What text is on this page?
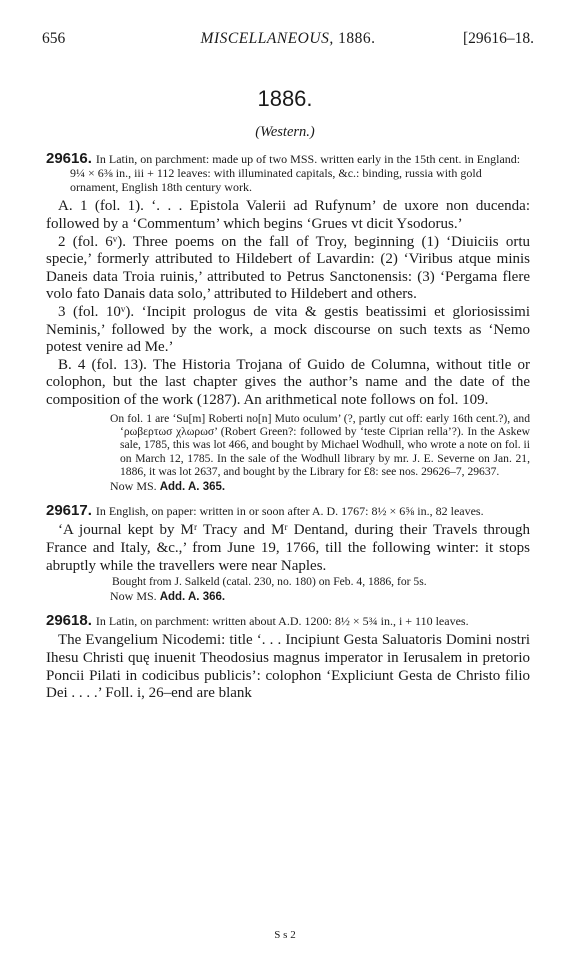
656	MISCELLANEOUS, 1886.	[29616–18.
1886.
(Western.)

29616. In Latin, on parchment: made up of two MSS. written early in the 15th cent. in England: 9¼ × 6⅜ in., iii + 112 leaves: with illuminated capitals, &c.: binding, russia with gold ornament, English 18th century work.

A. 1 (fol. 1). ‘. . . Epistola Valerii ad Rufynum’ de uxore non ducenda: followed by a ‘Commentum’ which begins ‘Grues vt dicit Ysodorus.’

2 (fol. 6ᵛ). Three poems on the fall of Troy, beginning (1) ‘Diuiciis ortu specie,’ formerly attributed to Hildebert of Lavardin: (2) ‘Viribus atque minis Daneis data Troia ruinis,’ attributed to Petrus Sanctonensis: (3) ‘Pergama flere volo fato Danais data solo,’ attributed to Hildebert and others.

3 (fol. 10ᵛ). ‘Incipit prologus de vita & gestis beatissimi et gloriosissimi Neminis,’ followed by the work, a mock discourse on such texts as ‘Nemo potest venire ad Me.’

B. 4 (fol. 13). The Historia Trojana of Guido de Columna, without title or colophon, but the last chapter gives the author’s name and the date of the composition of the work (1287). An arithmetical note follows on fol. 109.

On fol. 1 are ‘Su[m] Roberti no[n] Muto oculum’ (?, partly cut off: early 16th cent.?), and ‘ρωβερτωσ χλωρωσ’ (Robert Green?: followed by ‘teste Ciprian rella’?). In the Askew sale, 1785, this was lot 466, and bought by Michael Wodhull, who wrote a note on fol. ii on March 12, 1785. In the sale of the Wodhull library by mr. J. E. Severne on Jan. 21, 1886, it was lot 2637, and bought by the Library for £8: see nos. 29626–7, 29637.

Now MS. Add. A. 365.

29617. In English, on paper: written in or soon after A. D. 1767: 8½ × 6⅝ in., 82 leaves.

‘A journal kept by Mʳ Tracy and Mʳ Dentand, during their Travels through France and Italy, &c.,’ from June 19, 1766, till the following winter: it stops abruptly while the travellers were near Naples.

Bought from J. Salkeld (catal. 230, no. 180) on Feb. 4, 1886, for 5s.

Now MS. Add. A. 366.

29618. In Latin, on parchment: written about A.D. 1200: 8½ × 5¾ in., i + 110 leaves.

The Evangelium Nicodemi: title ‘. . . Incipiunt Gesta Saluatoris Domini nostri Ihesu Christi quę inuenit Theodosius magnus imperator in Ierusalem in pretorio Poncii Pilati in codicibus publicis’: colophon ‘Expliciunt Gesta de Christo filio Dei . . . .’ Foll. i, 26–end are blank

S s 2
